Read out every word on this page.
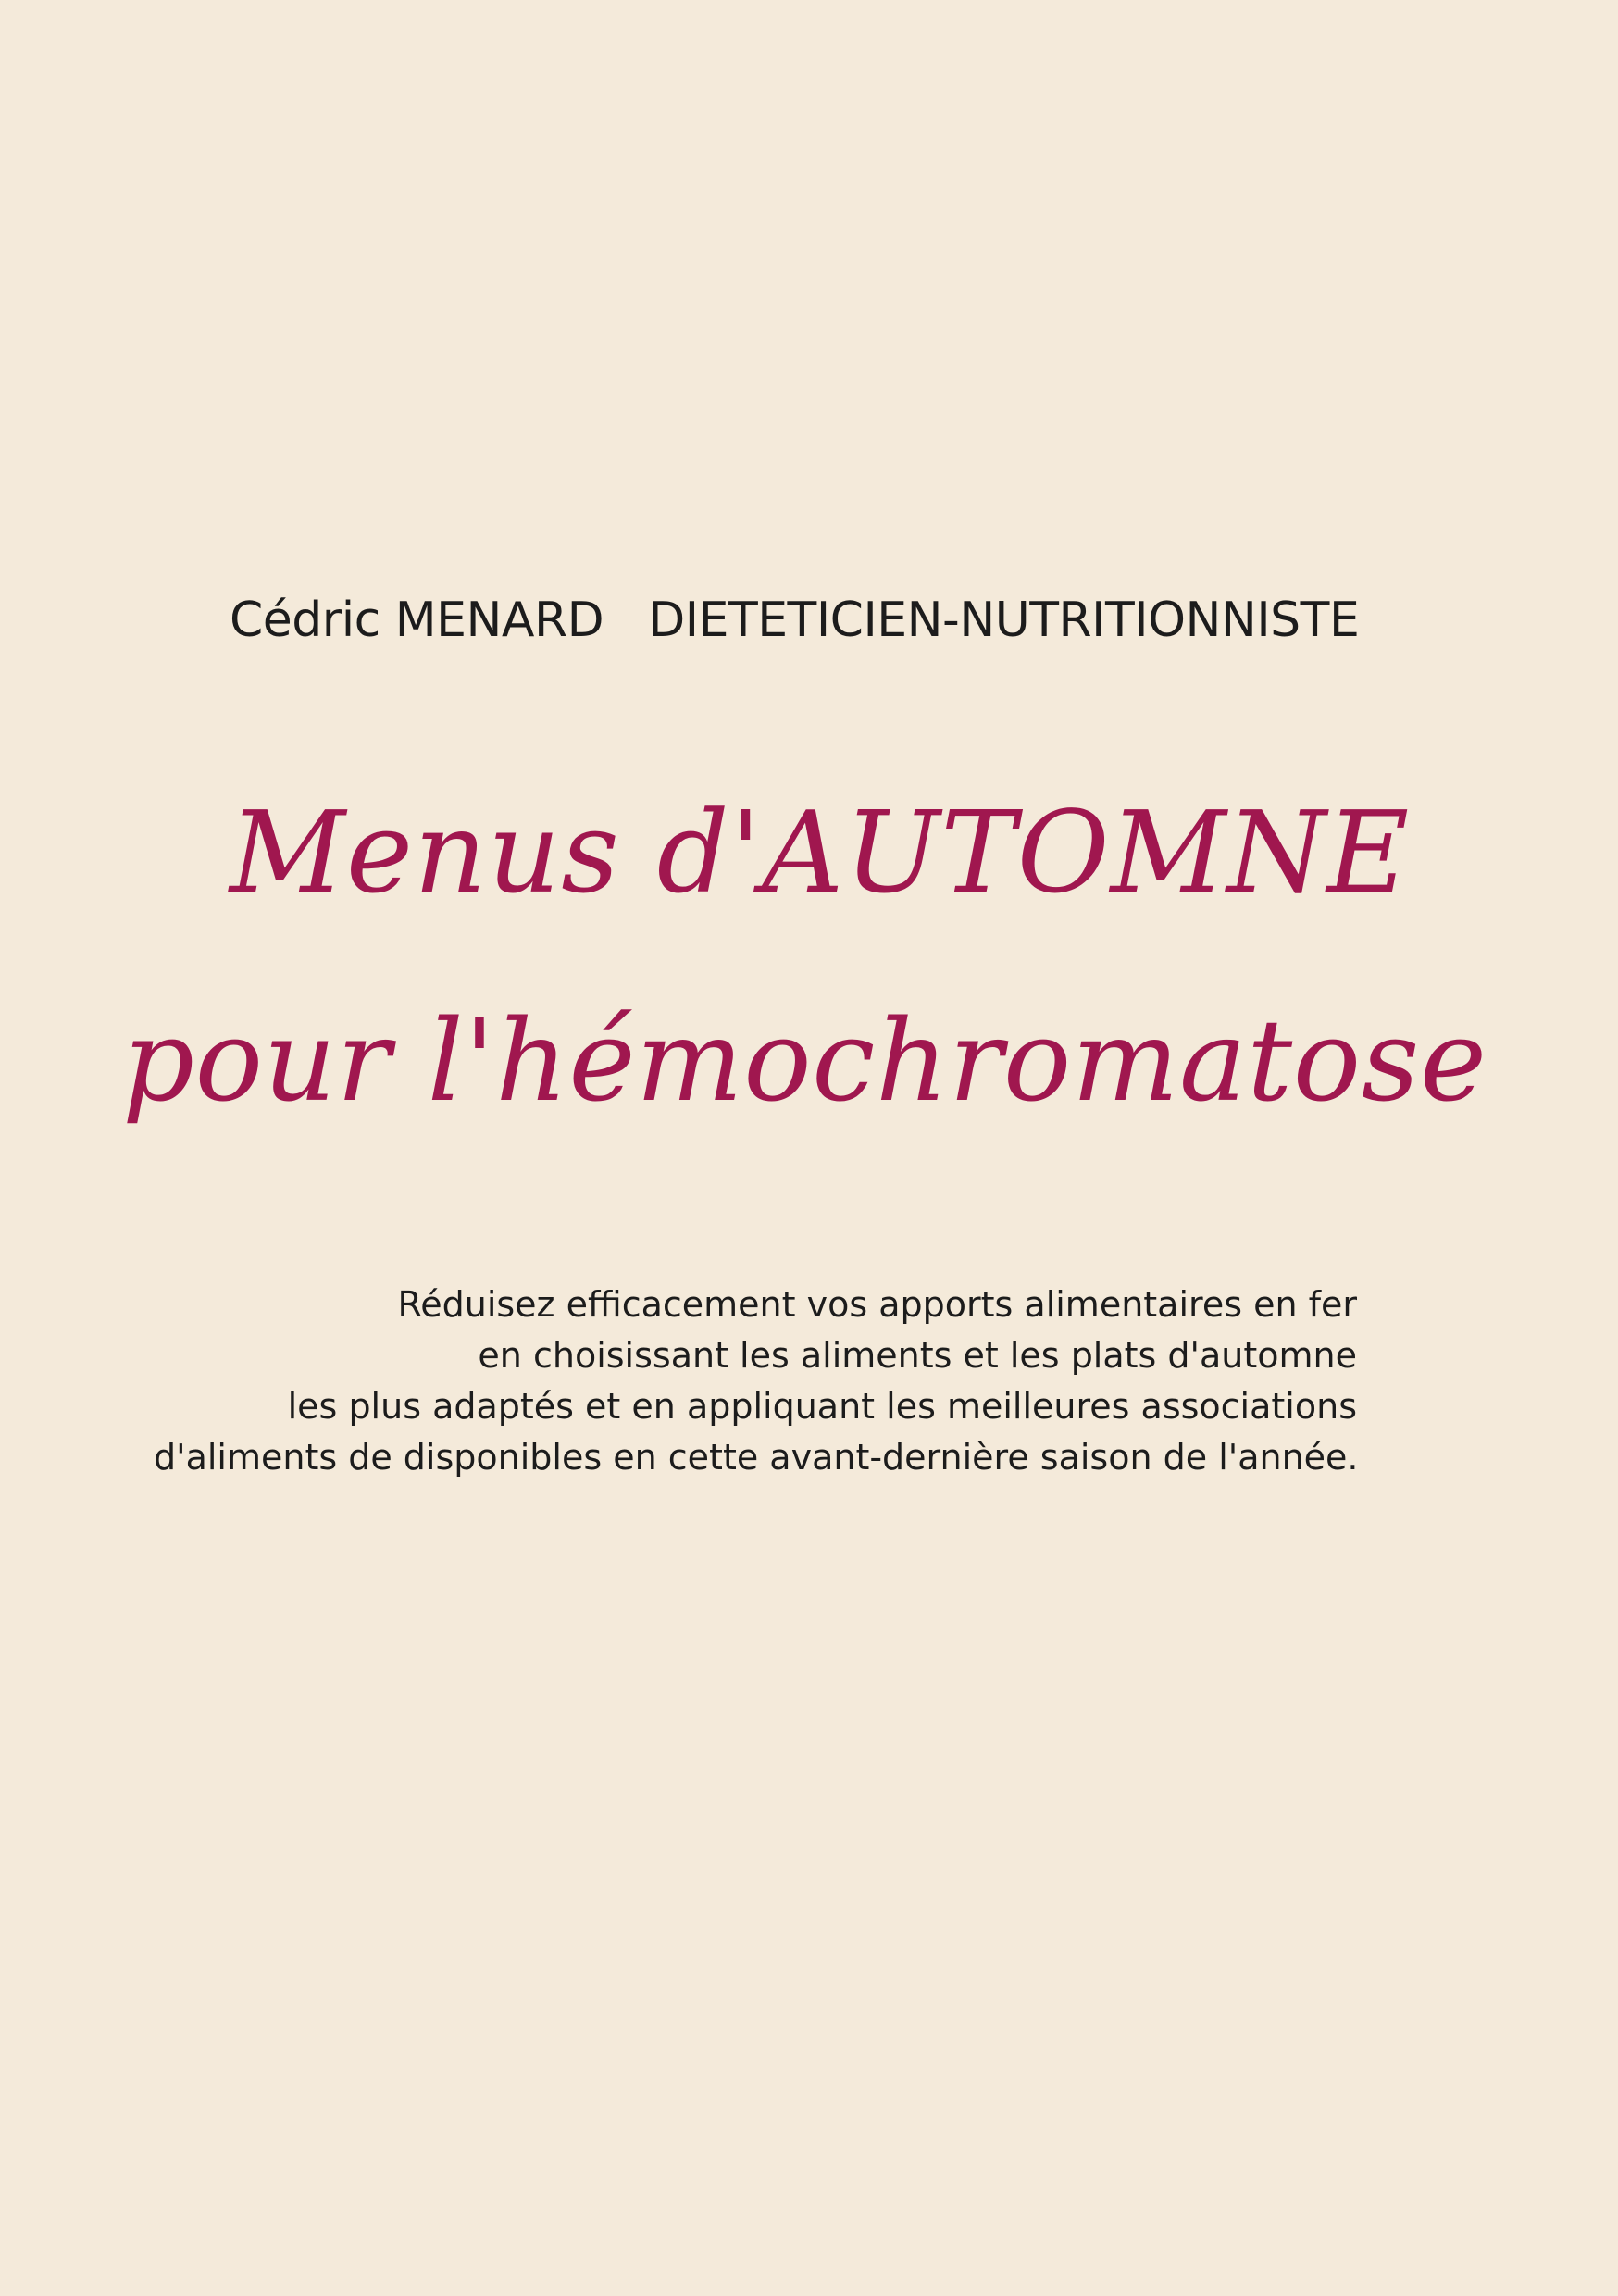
Cédric MENARD   DIETETICIEN-NUTRITIONNISTE
Menus d'AUTOMNE
pour l'hémochromatose
Réduisez efficacement vos apports alimentaires en fer
en choisissant les aliments et les plats d'automne
les plus adaptés et en appliquant les meilleures associations
d'aliments de disponibles en cette avant-dernière saison de l'année.
